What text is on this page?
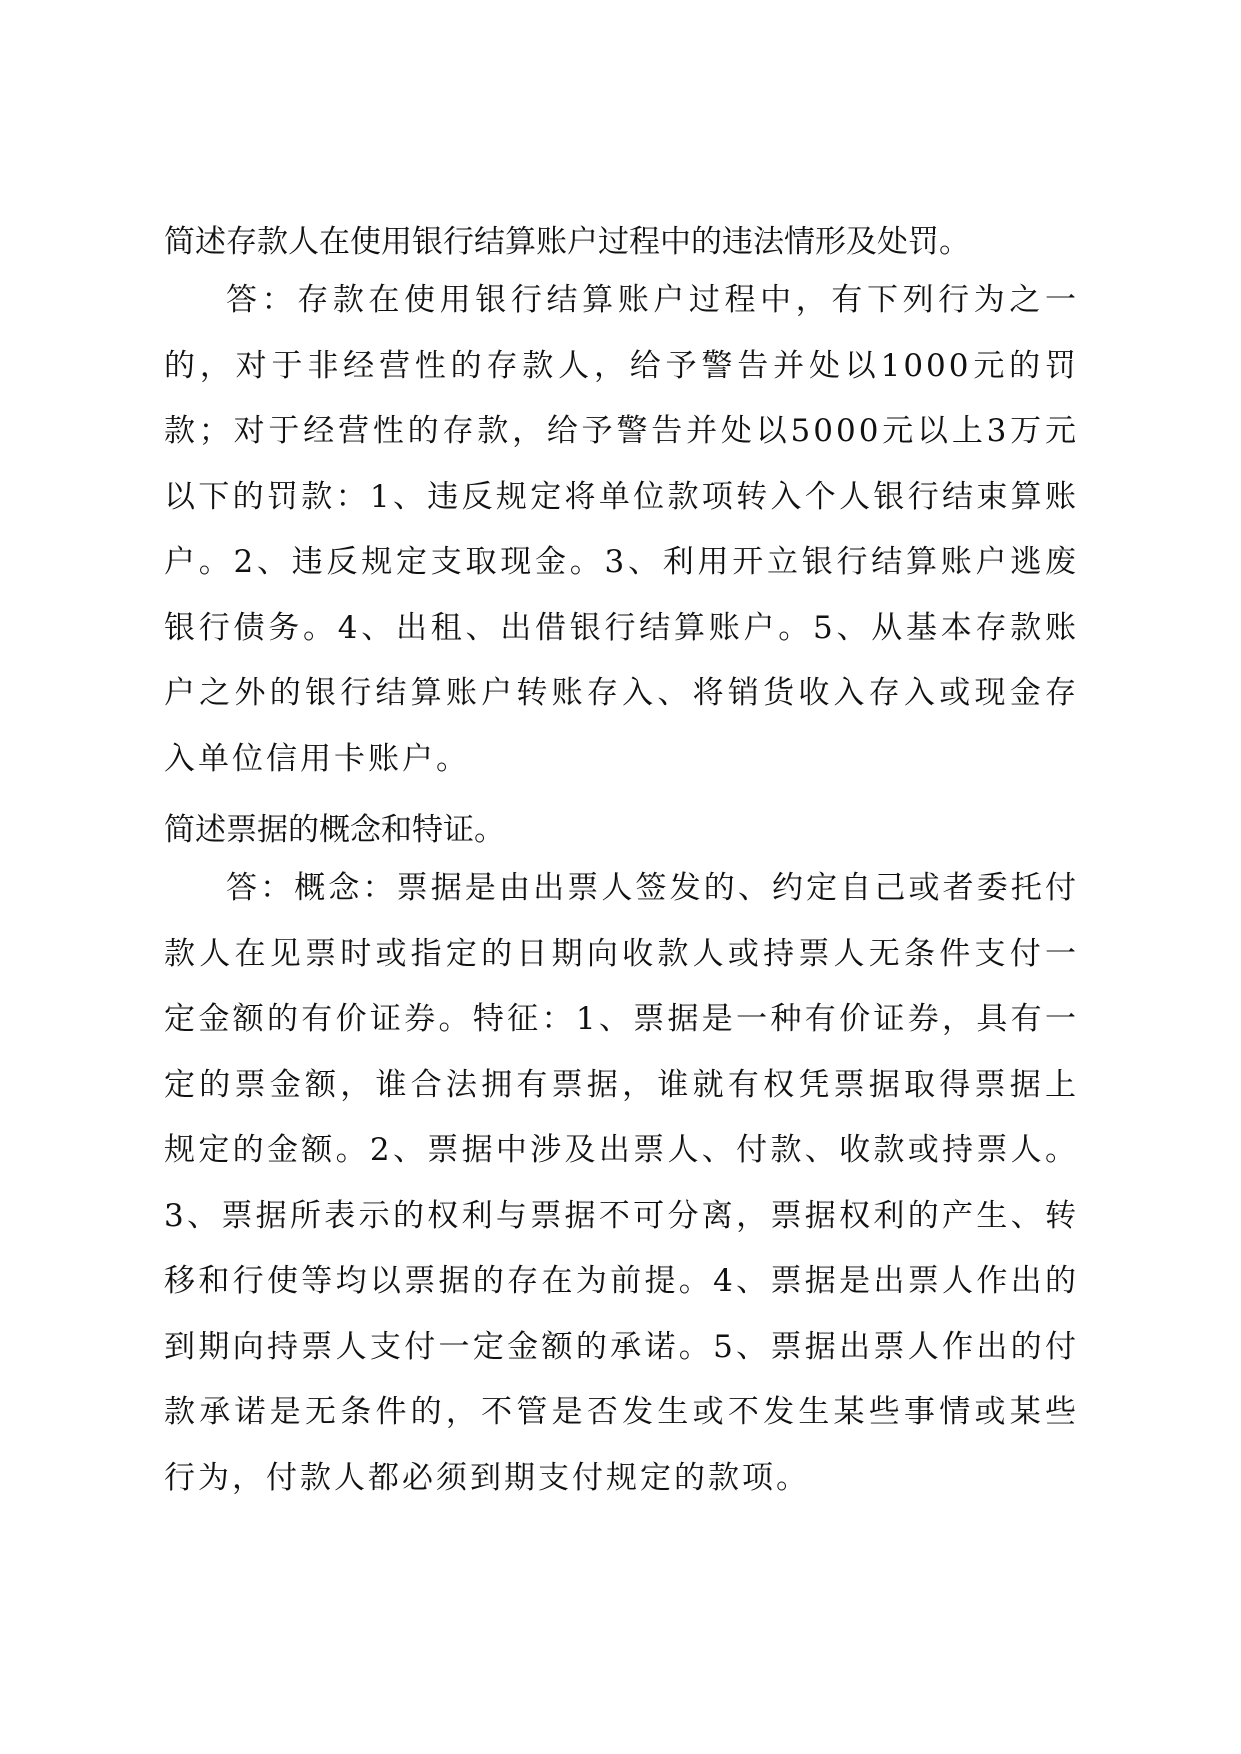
简述存款人在使用银行结算账户过程中的违法情形及处罚。

答：存款在使用银行结算账户过程中，有下列行为之一的，对于非经营性的存款人，给予警告并处以1000元的罚款；对于经营性的存款，给予警告并处以5000元以上3万元以下的罚款：1、违反规定将单位款项转入个人银行结束算账户。2、违反规定支取现金。3、利用开立银行结算账户逃废银行债务。4、出租、出借银行结算账户。5、从基本存款账户之外的银行结算账户转账存入、将销货收入存入或现金存入单位信用卡账户。

简述票据的概念和特证。

答：概念：票据是由出票人签发的、约定自己或者委托付款人在见票时或指定的日期向收款人或持票人无条件支付一定金额的有价证券。特征：1、票据是一种有价证券，具有一定的票金额，谁合法拥有票据，谁就有权凭票据取得票据上规定的金额。2、票据中涉及出票人、付款、收款或持票人。3、票据所表示的权利与票据不可分离，票据权利的产生、转移和行使等均以票据的存在为前提。4、票据是出票人作出的到期向持票人支付一定金额的承诺。5、票据出票人作出的付款承诺是无条件的，不管是否发生或不发生某些事情或某些行为，付款人都必须到期支付规定的款项。
